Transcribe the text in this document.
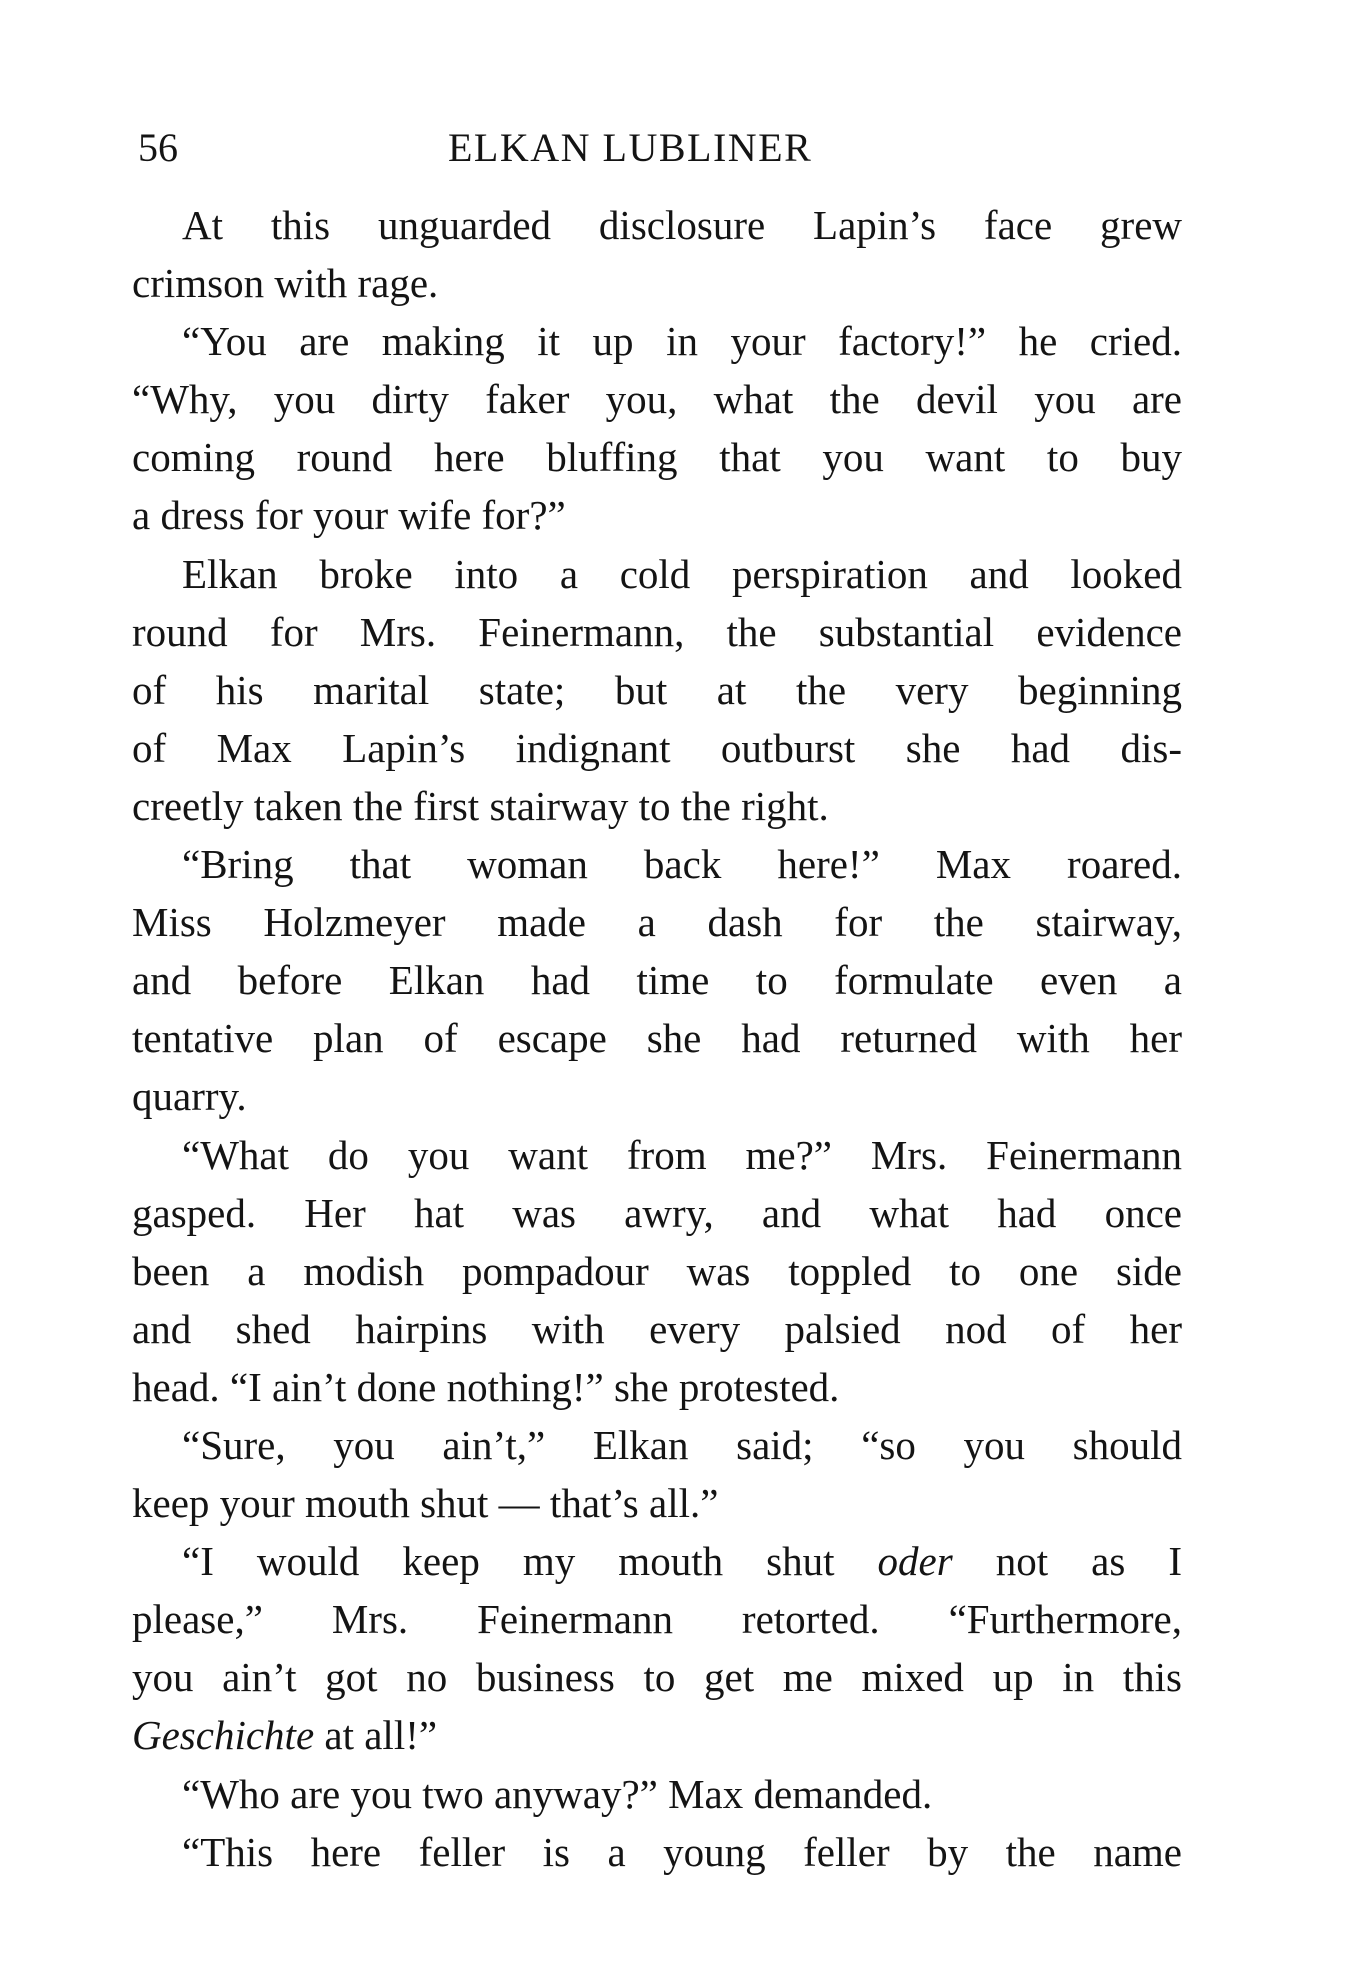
56	ELKAN LUBLINER
At this unguarded disclosure Lapin’s face grew
crimson with rage.
“You are making it up in your factory!” he cried.
“Why, you dirty faker you, what the devil you are
coming round here bluffing that you want to buy
a dress for your wife for?”
Elkan broke into a cold perspiration and looked
round for Mrs. Feinermann, the substantial evidence
of his marital state; but at the very beginning
of Max Lapin’s indignant outburst she had dis-
creetly taken the first stairway to the right.
“Bring that woman back here!” Max roared.
Miss Holzmeyer made a dash for the stairway,
and before Elkan had time to formulate even a
tentative plan of escape she had returned with her
quarry.
“What do you want from me?” Mrs. Feinermann
gasped. Her hat was awry, and what had once
been a modish pompadour was toppled to one side
and shed hairpins with every palsied nod of her
head. “I ain’t done nothing!” she protested.
“Sure, you ain’t,” Elkan said; “so you should
keep your mouth shut — that’s all.”
“I would keep my mouth shut oder not as I
please,” Mrs. Feinermann retorted. “Furthermore,
you ain’t got no business to get me mixed up in this
Geschichte at all!”
“Who are you two anyway?” Max demanded.
“This here feller is a young feller by the name
